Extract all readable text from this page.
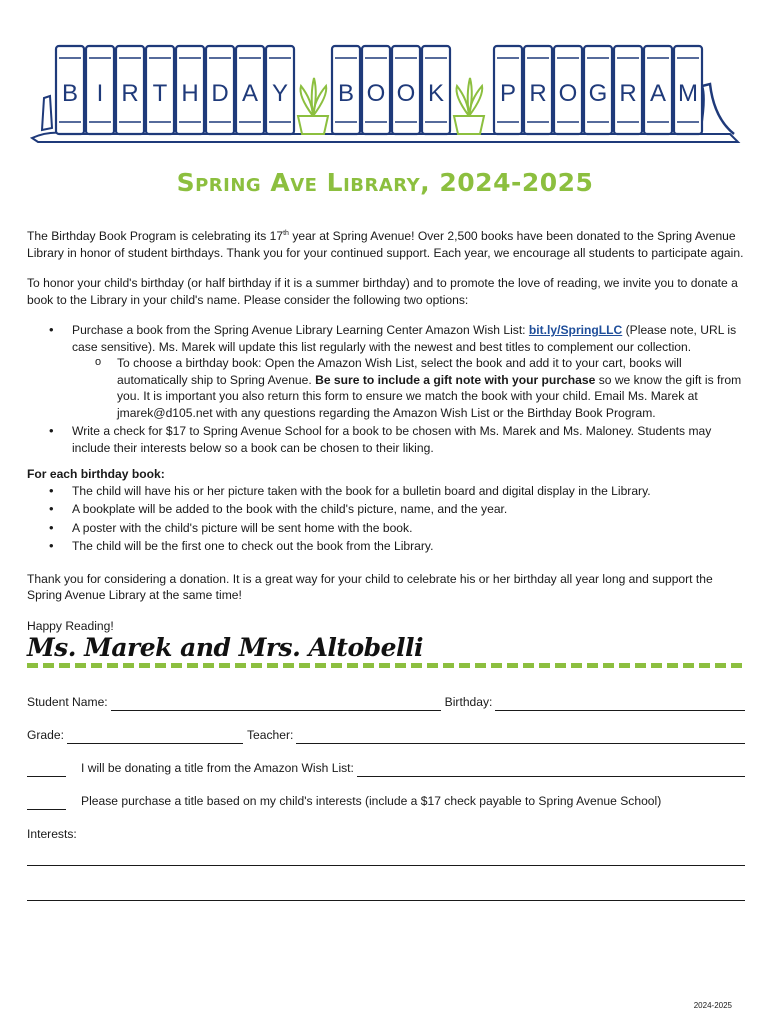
B I R T H D A Y B O O K P R O G R A M
Spring Ave Library, 2024-2025

The Birthday Book Program is celebrating its 17th year at Spring Avenue! Over 2,500 books have been donated to the Spring Avenue Library in honor of student birthdays. Thank you for your continued support. Each year, we encourage all students to participate again.

To honor your child's birthday (or half birthday if it is a summer birthday) and to promote the love of reading, we invite you to donate a book to the Library in your child's name. Please consider the following two options:

• Purchase a book from the Spring Avenue Library Learning Center Amazon Wish List: bit.ly/SpringLLC (Please note, URL is case sensitive). Ms. Marek will update this list regularly with the newest and best titles to complement our collection.
o To choose a birthday book: Open the Amazon Wish List, select the book and add it to your cart, books will automatically ship to Spring Avenue. Be sure to include a gift note with your purchase so we know the gift is from you. It is important you also return this form to ensure we match the book with your child. Email Ms. Marek at jmarek@d105.net with any questions regarding the Amazon Wish List or the Birthday Book Program.
• Write a check for $17 to Spring Avenue School for a book to be chosen with Ms. Marek and Ms. Maloney. Students may include their interests below so a book can be chosen to their liking.

For each birthday book:

• The child will have his or her picture taken with the book for a bulletin board and digital display in the Library.
• A bookplate will be added to the book with the child's picture, name, and the year.
• A poster with the child's picture will be sent home with the book.
• The child will be the first one to check out the book from the Library.

Thank you for considering a donation. It is a great way for your child to celebrate his or her birthday all year long and support the Spring Avenue Library at the same time!

Happy Reading!

Ms. Marek and Mrs. Altobelli

Student Name:	Birthday:
Grade:	Teacher:
I will be donating a title from the Amazon Wish List:
Please purchase a title based on my child's interests (include a $17 check payable to Spring Avenue School)
Interests:
2024-2025
